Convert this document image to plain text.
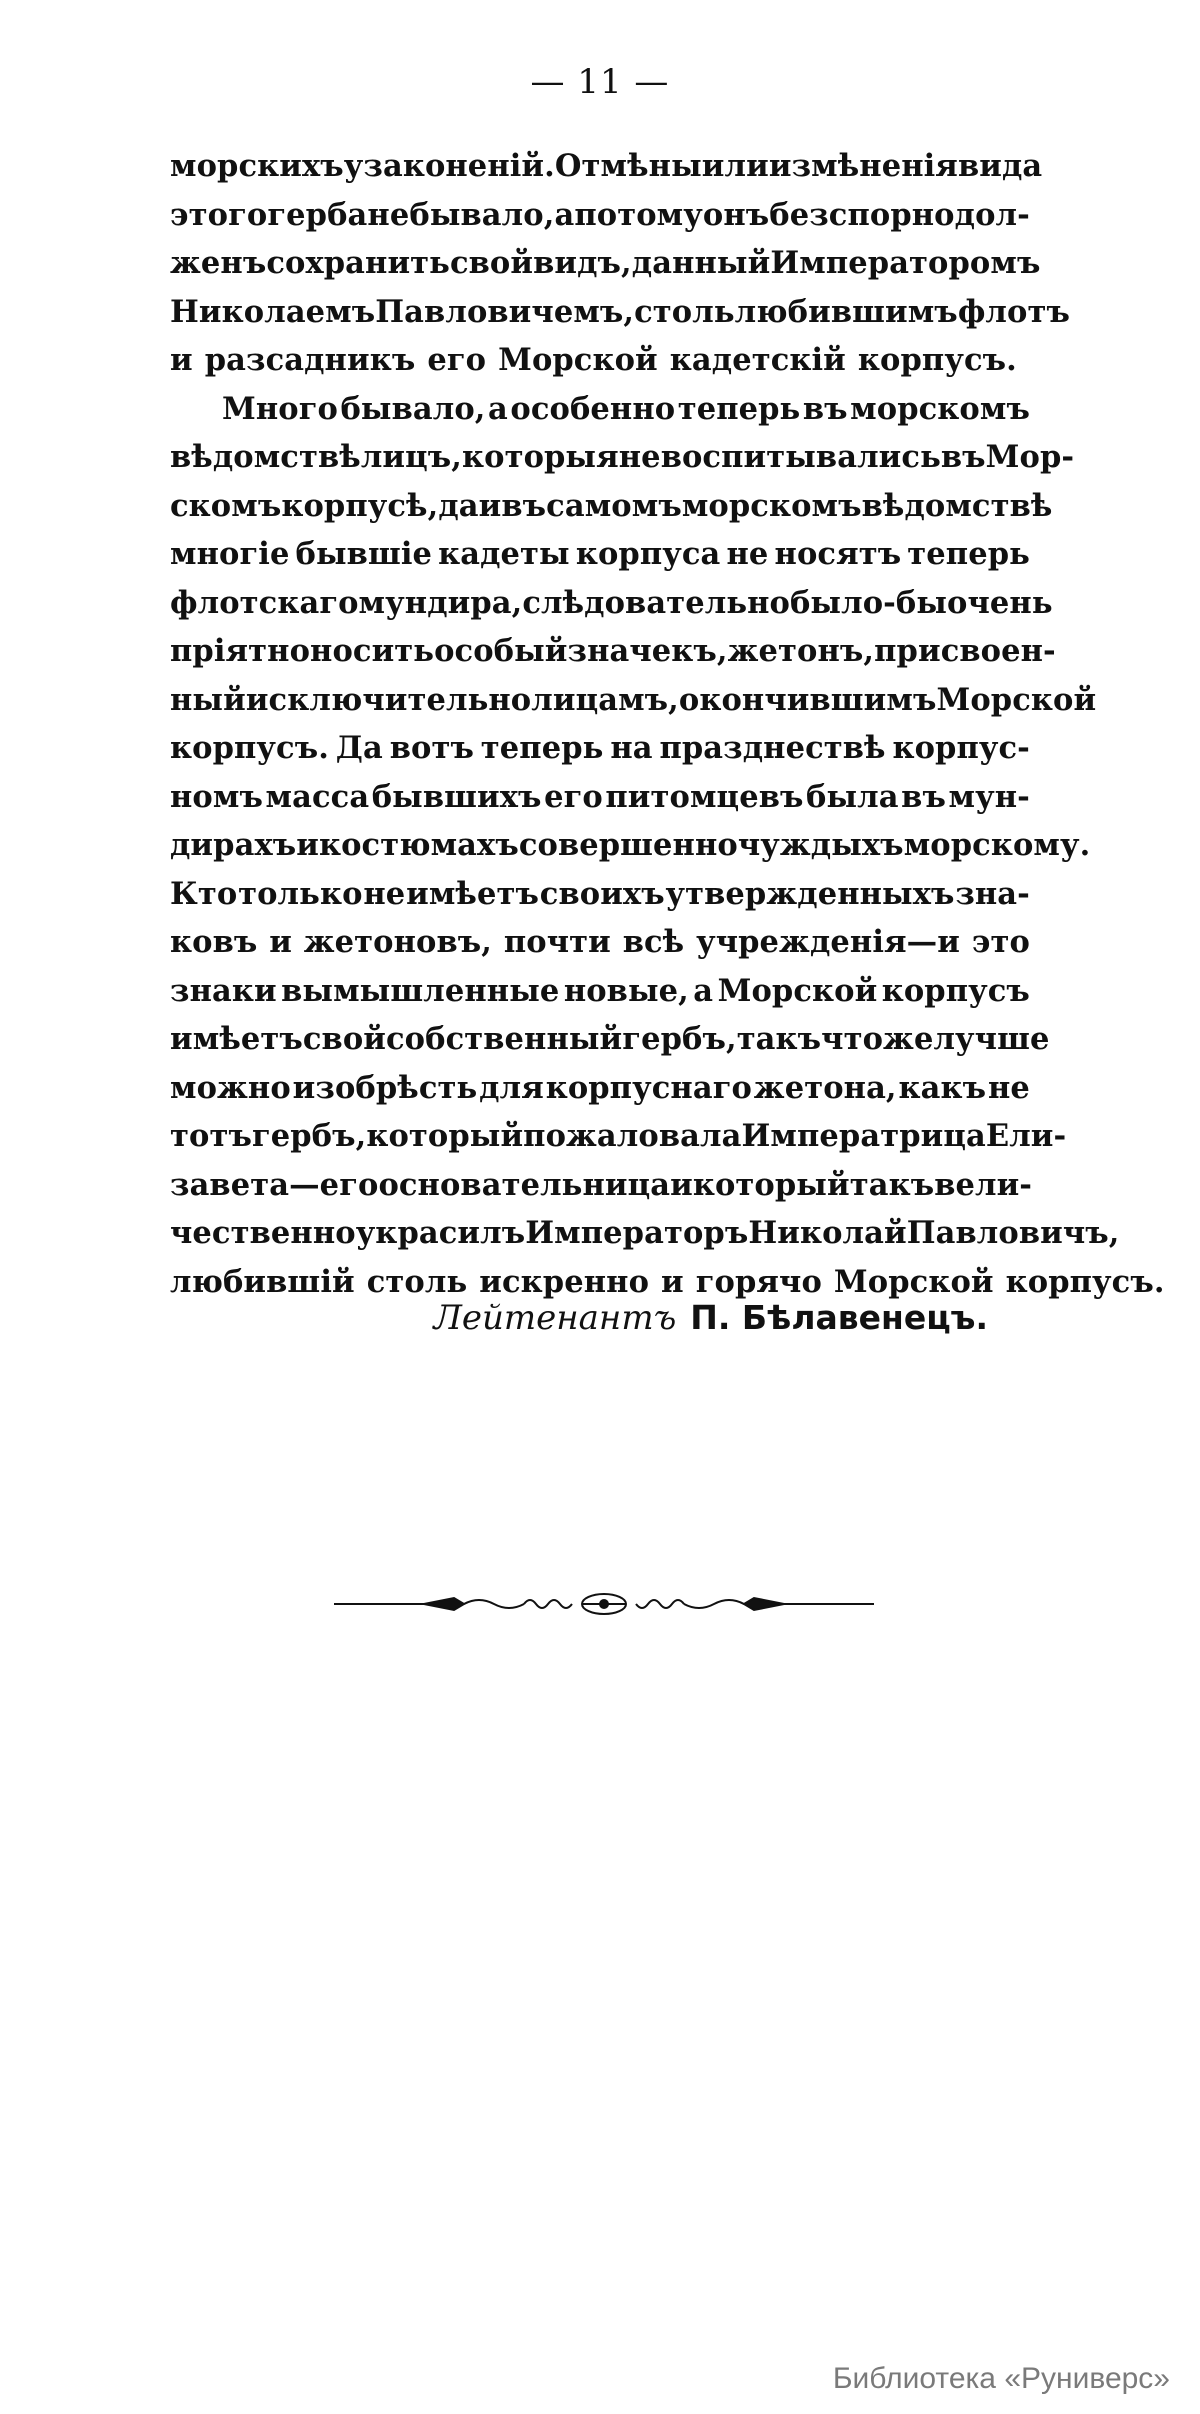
— 11 —
морскихъ узаконеній. Отмѣны или измѣненія вида
этого герба не бывало, а потому онъ безспорно дол-
женъ сохранить свой видъ, данный Императоромъ
Николаемъ Павловичемъ, столь любившимъ флотъ
и разсадникъ его Морской кадетскій корпусъ.
Много бывало, а особенно теперь въ морскомъ
вѣдомствѣ лицъ, которыя не воспитывались въ Мор-
скомъ корпусѣ, да и въ самомъ морскомъ вѣдомствѣ
многіе бывшіе кадеты корпуса не носятъ теперь
флотскаго мундира, слѣдовательно было-бы очень
пріятно носить особый значекъ, жетонъ, присвоен-
ный исключительно лицамъ, окончившимъ Морской
корпусъ. Да вотъ теперь на празднествѣ корпус-
номъ масса бывшихъ его питомцевъ была въ мун-
дирахъ и костюмахъ совершенно чуждыхъ морскому.
Кто только не имѣетъ своихъ утвержденныхъ зна-
ковъ и жетоновъ, почти всѣ учрежденія—и это
знаки вымышленные новые, а Морской корпусъ
имѣетъ свой собственный гербъ, такъ что же лучше
можно изобрѣсть для корпуснаго жетона, какъ не
тотъ гербъ, который пожаловала Императрица Ели-
завета—его основательница и который такъ вели-
чественно украсилъ Императоръ Николай Павловичъ,
любившій столь искренно и горячо Морской корпусъ.
Лейтенантъ П. Бѣлавенецъ.
Библиотека «Руниверс»
